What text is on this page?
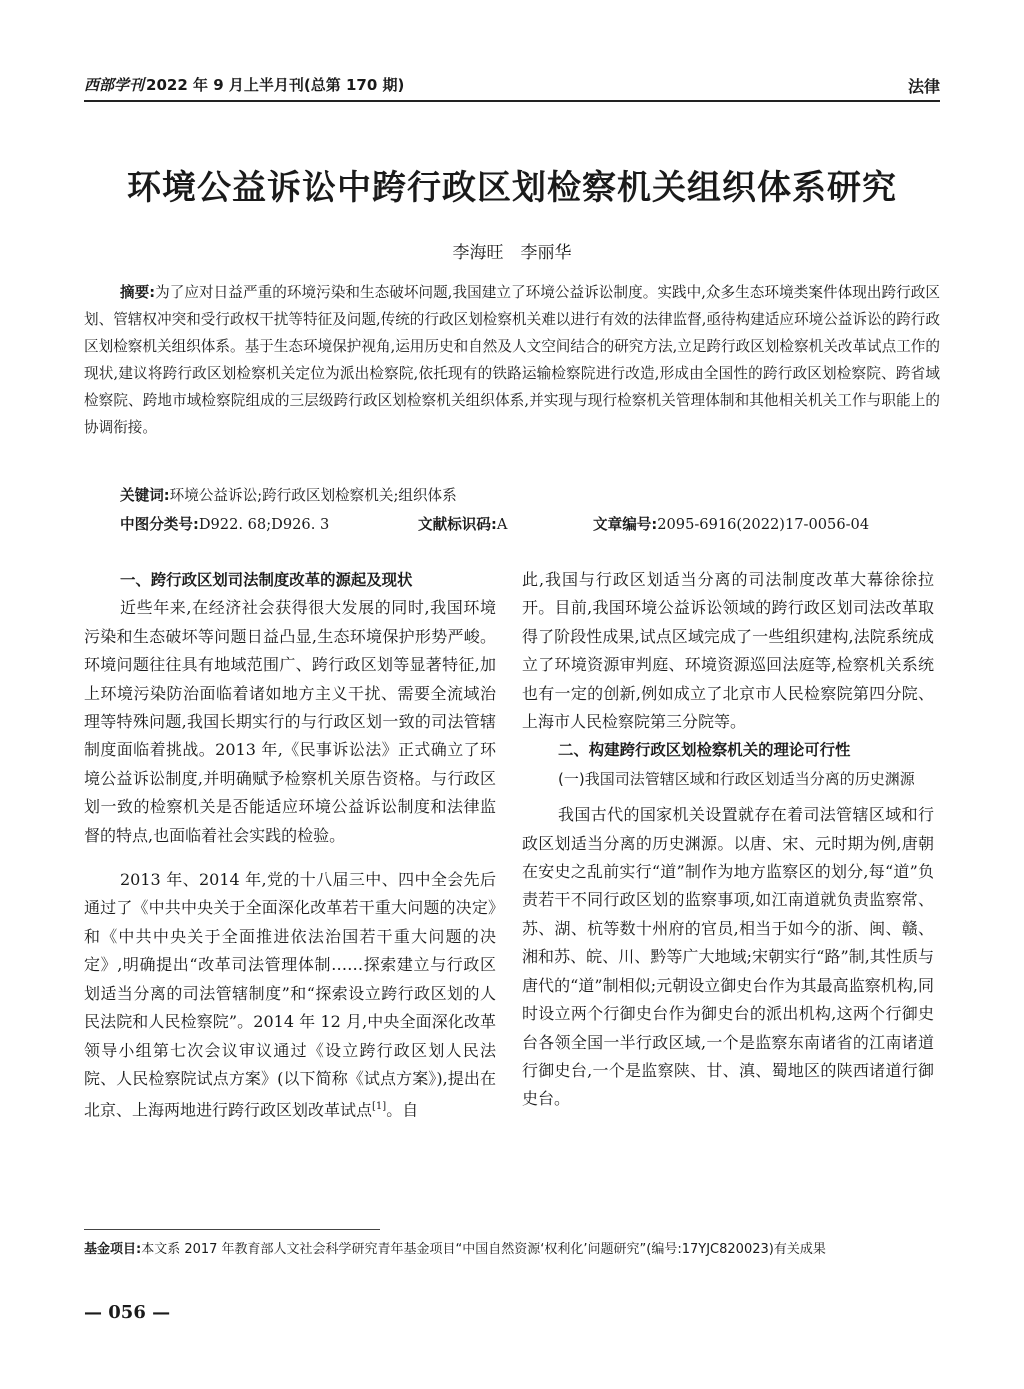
西部学刊 2022 年 9 月上半月刊(总第 170 期)	法律
环境公益诉讼中跨行政区划检察机关组织体系研究
李海旺　李丽华

摘要:为了应对日益严重的环境污染和生态破坏问题,我国建立了环境公益诉讼制度。实践中,众多生态环境类案件体现出跨行政区划、管辖权冲突和受行政权干扰等特征及问题,传统的行政区划检察机关难以进行有效的法律监督,亟待构建适应环境公益诉讼的跨行政区划检察机关组织体系。基于生态环境保护视角,运用历史和自然及人文空间结合的研究方法,立足跨行政区划检察机关改革试点工作的现状,建议将跨行政区划检察机关定位为派出检察院,依托现有的铁路运输检察院进行改造,形成由全国性的跨行政区划检察院、跨省域检察院、跨地市域检察院组成的三层级跨行政区划检察机关组织体系,并实现与现行检察机关管理体制和其他相关机关工作与职能上的协调衔接。

关键词:环境公益诉讼;跨行政区划检察机关;组织体系
中图分类号:D922. 68;D926. 3	文献标识码:A	文章编号:2095-6916(2022)17-0056-04

一、跨行政区划司法制度改革的源起及现状

近些年来,在经济社会获得很大发展的同时,我国环境污染和生态破坏等问题日益凸显,生态环境保护形势严峻。环境问题往往具有地域范围广、跨行政区划等显著特征,加上环境污染防治面临着诸如地方主义干扰、需要全流域治理等特殊问题,我国长期实行的与行政区划一致的司法管辖制度面临着挑战。2013 年,《民事诉讼法》正式确立了环境公益诉讼制度,并明确赋予检察机关原告资格。与行政区划一致的检察机关是否能适应环境公益诉讼制度和法律监督的特点,也面临着社会实践的检验。

2013 年、2014 年,党的十八届三中、四中全会先后通过了《中共中央关于全面深化改革若干重大问题的决定》和《中共中央关于全面推进依法治国若干重大问题的决定》,明确提出“改革司法管理体制……探索建立与行政区划适当分离的司法管辖制度”和“探索设立跨行政区划的人民法院和人民检察院”。2014 年 12 月,中央全面深化改革领导小组第七次会议审议通过《设立跨行政区划人民法院、人民检察院试点方案》(以下简称《试点方案》),提出在北京、上海两地进行跨行政区划改革试点[1]。自

此,我国与行政区划适当分离的司法制度改革大幕徐徐拉开。目前,我国环境公益诉讼领域的跨行政区划司法改革取得了阶段性成果,试点区域完成了一些组织建构,法院系统成立了环境资源审判庭、环境资源巡回法庭等,检察机关系统也有一定的创新,例如成立了北京市人民检察院第四分院、上海市人民检察院第三分院等。

二、构建跨行政区划检察机关的理论可行性

(一)我国司法管辖区域和行政区划适当分离的历史渊源

我国古代的国家机关设置就存在着司法管辖区域和行政区划适当分离的历史渊源。以唐、宋、元时期为例,唐朝在安史之乱前实行“道”制作为地方监察区的划分,每“道”负责若干不同行政区划的监察事项,如江南道就负责监察常、苏、湖、杭等数十州府的官员,相当于如今的浙、闽、赣、湘和苏、皖、川、黔等广大地域;宋朝实行“路”制,其性质与唐代的“道”制相似;元朝设立御史台作为其最高监察机构,同时设立两个行御史台作为御史台的派出机构,这两个行御史台各领全国一半行政区域,一个是监察东南诸省的江南诸道行御史台,一个是监察陕、甘、滇、蜀地区的陕西诸道行御史台。

基金项目:本文系 2017 年教育部人文社会科学研究青年基金项目“中国自然资源‘权利化’问题研究”(编号:17YJC820023)有关成果
— 056 —
